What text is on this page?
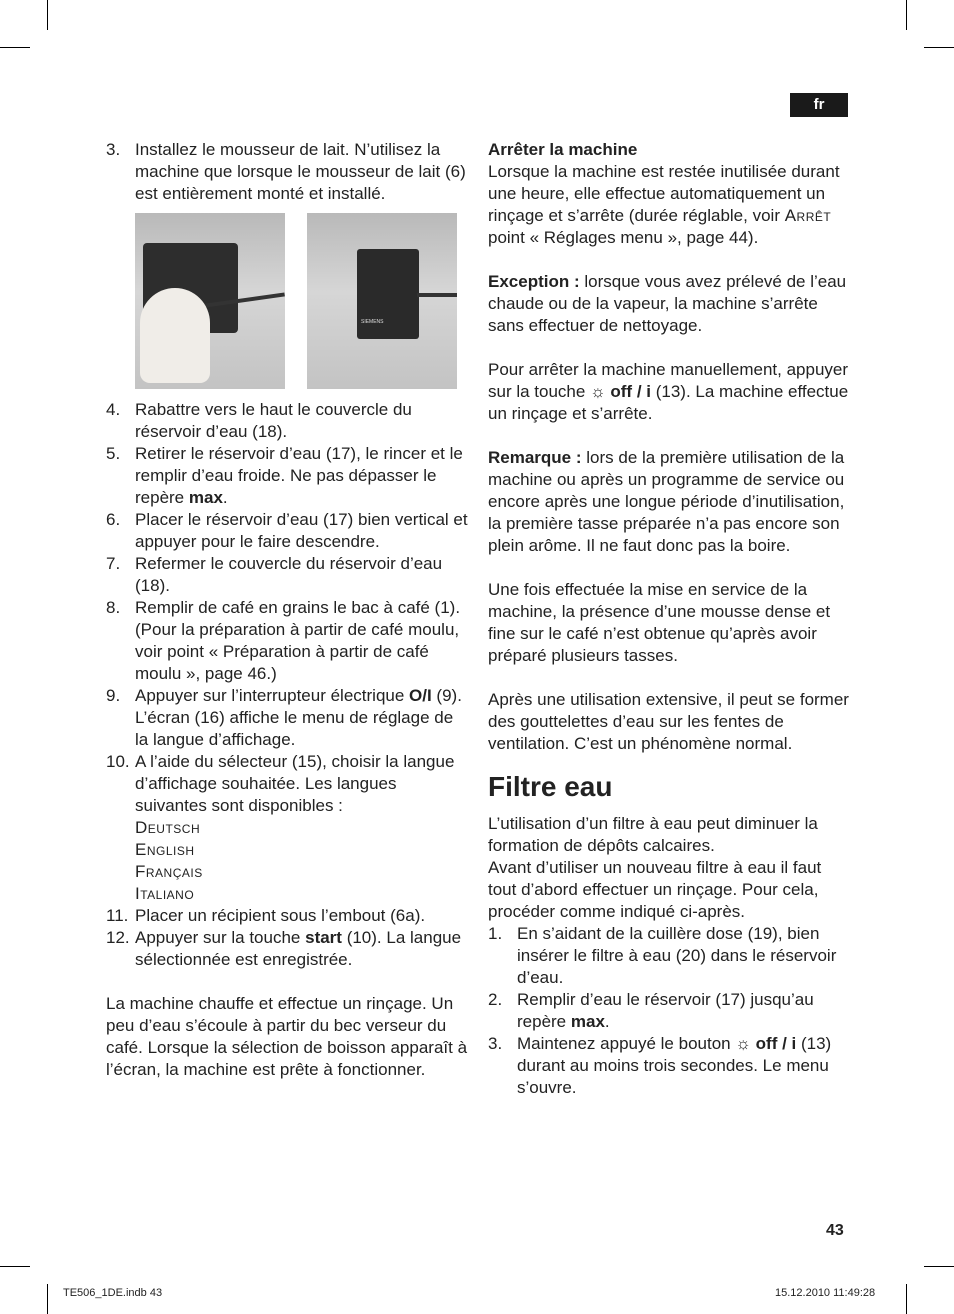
fr
3. Installez le mousseur de lait. N’utilisez la machine que lorsque le mousseur de lait (6) est entièrement monté et installé.
SIEMENS
4. Rabattre vers le haut le couvercle du réservoir d’eau (18).
5. Retirer le réservoir d’eau (17), le rincer et le remplir d’eau froide. Ne pas dépasser le repère max.
6. Placer le réservoir d’eau (17) bien vertical et appuyer pour le faire descendre.
7. Refermer le couvercle du réservoir d’eau (18).
8. Remplir de café en grains le bac à café (1). (Pour la préparation à partir de café moulu, voir point « Préparation à partir de café moulu », page 46.)
9. Appuyer sur l’interrupteur électrique O/I (9). L’écran (16) affiche le menu de réglage de la langue d’affichage.
10. A l’aide du sélecteur (15), choisir la langue d’affichage souhaitée. Les langues suivantes sont disponibles :
Deutsch
English
Français
Italiano
11. Placer un récipient sous l’embout (6a).
12. Appuyer sur la touche start (10). La langue sélectionnée est enregistrée.

La machine chauffe et effectue un rinçage. Un peu d’eau s’écoule à partir du bec verseur du café. Lorsque la sélection de boisson apparaît à l’écran, la machine est prête à fonctionner.

Arrêter la machine
Lorsque la machine est restée inutilisée durant une heure, elle effectue automatiquement un rinçage et s’arrête (durée réglable, voir Arrêt point « Réglages menu », page 44).
Exception : lorsque vous avez prélevé de l’eau chaude ou de la vapeur, la machine s’arrête sans effectuer de nettoyage.
Pour arrêter la machine manuellement, appuyer sur la touche ☼ off / i (13). La machine effectue un rinçage et s’arrête.
Remarque : lors de la première utilisation de la machine ou après un programme de service ou encore après une longue période d’inutilisation, la première tasse préparée n’a pas encore son plein arôme. Il ne faut donc pas la boire.
Une fois effectuée la mise en service de la machine, la présence d’une mousse dense et fine sur le café n’est obtenue qu’après avoir préparé plusieurs tasses.
Après une utilisation extensive, il peut se former des gouttelettes d’eau sur les fentes de ventilation. C’est un phénomène normal.
Filtre eau
L’utilisation d’un filtre à eau peut diminuer la formation de dépôts calcaires.
Avant d’utiliser un nouveau filtre à eau il faut tout d’abord effectuer un rinçage. Pour cela, procéder comme indiqué ci-après.
1. En s’aidant de la cuillère dose (19), bien insérer le filtre à eau (20) dans le réservoir d’eau.
2. Remplir d’eau le réservoir (17) jusqu’au repère max.
3. Maintenez appuyé le bouton ☼ off / i (13) durant au moins trois secondes. Le menu s’ouvre.
43
TE506_1DE.indb 43	15.12.2010 11:49:28
